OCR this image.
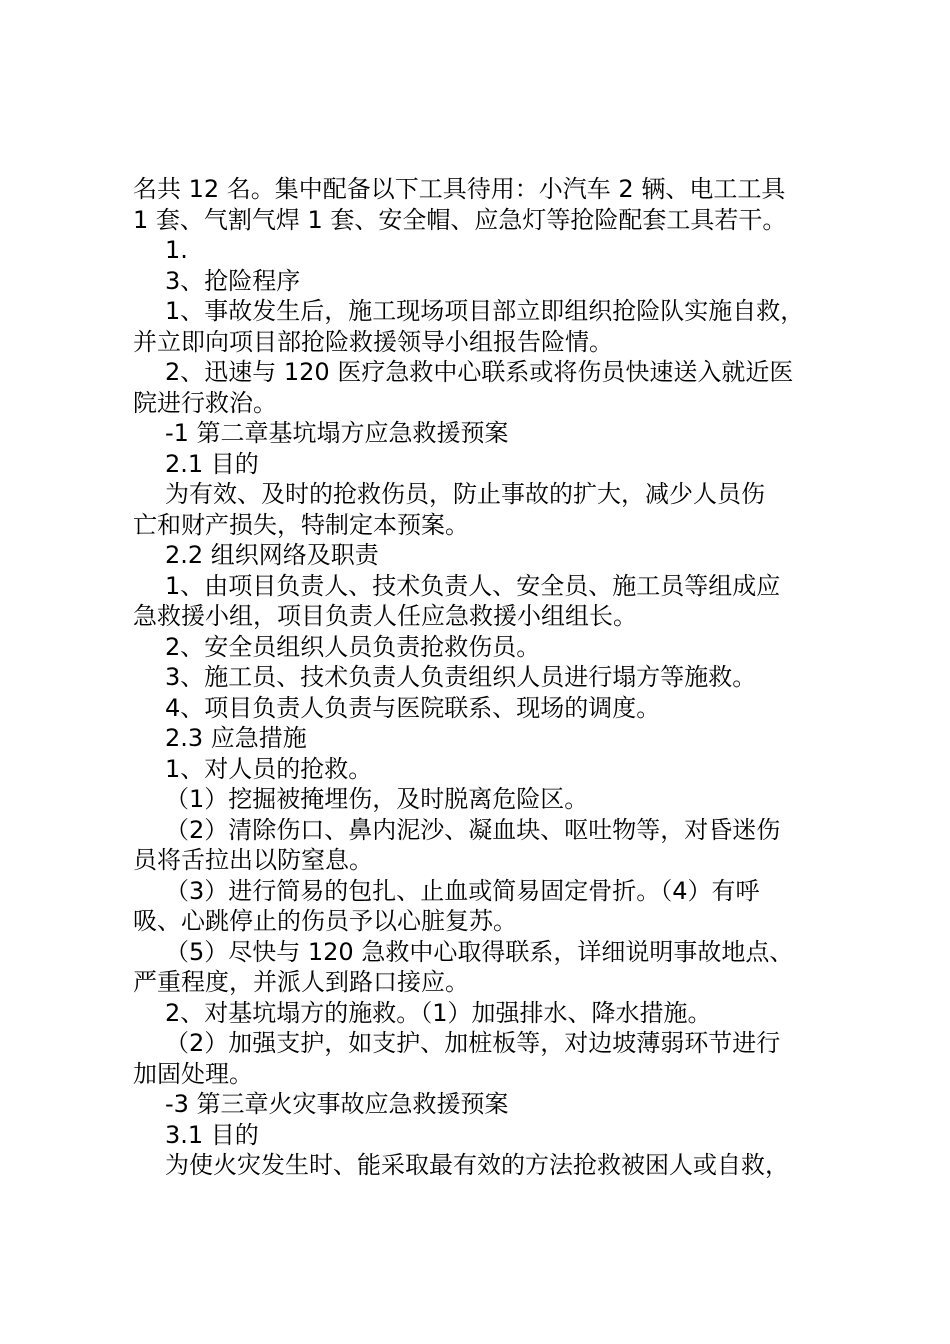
名共 12 名。集中配备以下工具待用：小汽车 2 辆、电工工具
1 套、气割气焊 1 套、安全帽、应急灯等抢险配套工具若干。
1.
3、抢险程序
1、事故发生后，施工现场项目部立即组织抢险队实施自救，
并立即向项目部抢险救援领导小组报告险情。
2、迅速与 120 医疗急救中心联系或将伤员快速送入就近医
院进行救治。
-1 第二章基坑塌方应急救援预案
2.1 目的
为有效、及时的抢救伤员，防止事故的扩大，减少人员伤
亡和财产损失，特制定本预案。
2.2 组织网络及职责
1、由项目负责人、技术负责人、安全员、施工员等组成应
急救援小组，项目负责人任应急救援小组组长。
2、安全员组织人员负责抢救伤员。
3、施工员、技术负责人负责组织人员进行塌方等施救。
4、项目负责人负责与医院联系、现场的调度。
2.3 应急措施
1、对人员的抢救。
（1）挖掘被掩埋伤，及时脱离危险区。
（2）清除伤口、鼻内泥沙、凝血块、呕吐物等，对昏迷伤
员将舌拉出以防窒息。
（3）进行简易的包扎、止血或简易固定骨折。（4）有呼
吸、心跳停止的伤员予以心脏复苏。
（5）尽快与 120 急救中心取得联系，详细说明事故地点、
严重程度，并派人到路口接应。
2、对基坑塌方的施救。（1）加强排水、降水措施。
（2）加强支护，如支护、加桩板等，对边坡薄弱环节进行
加固处理。
-3 第三章火灾事故应急救援预案
3.1 目的
为使火灾发生时、能采取最有效的方法抢救被困人或自救，
